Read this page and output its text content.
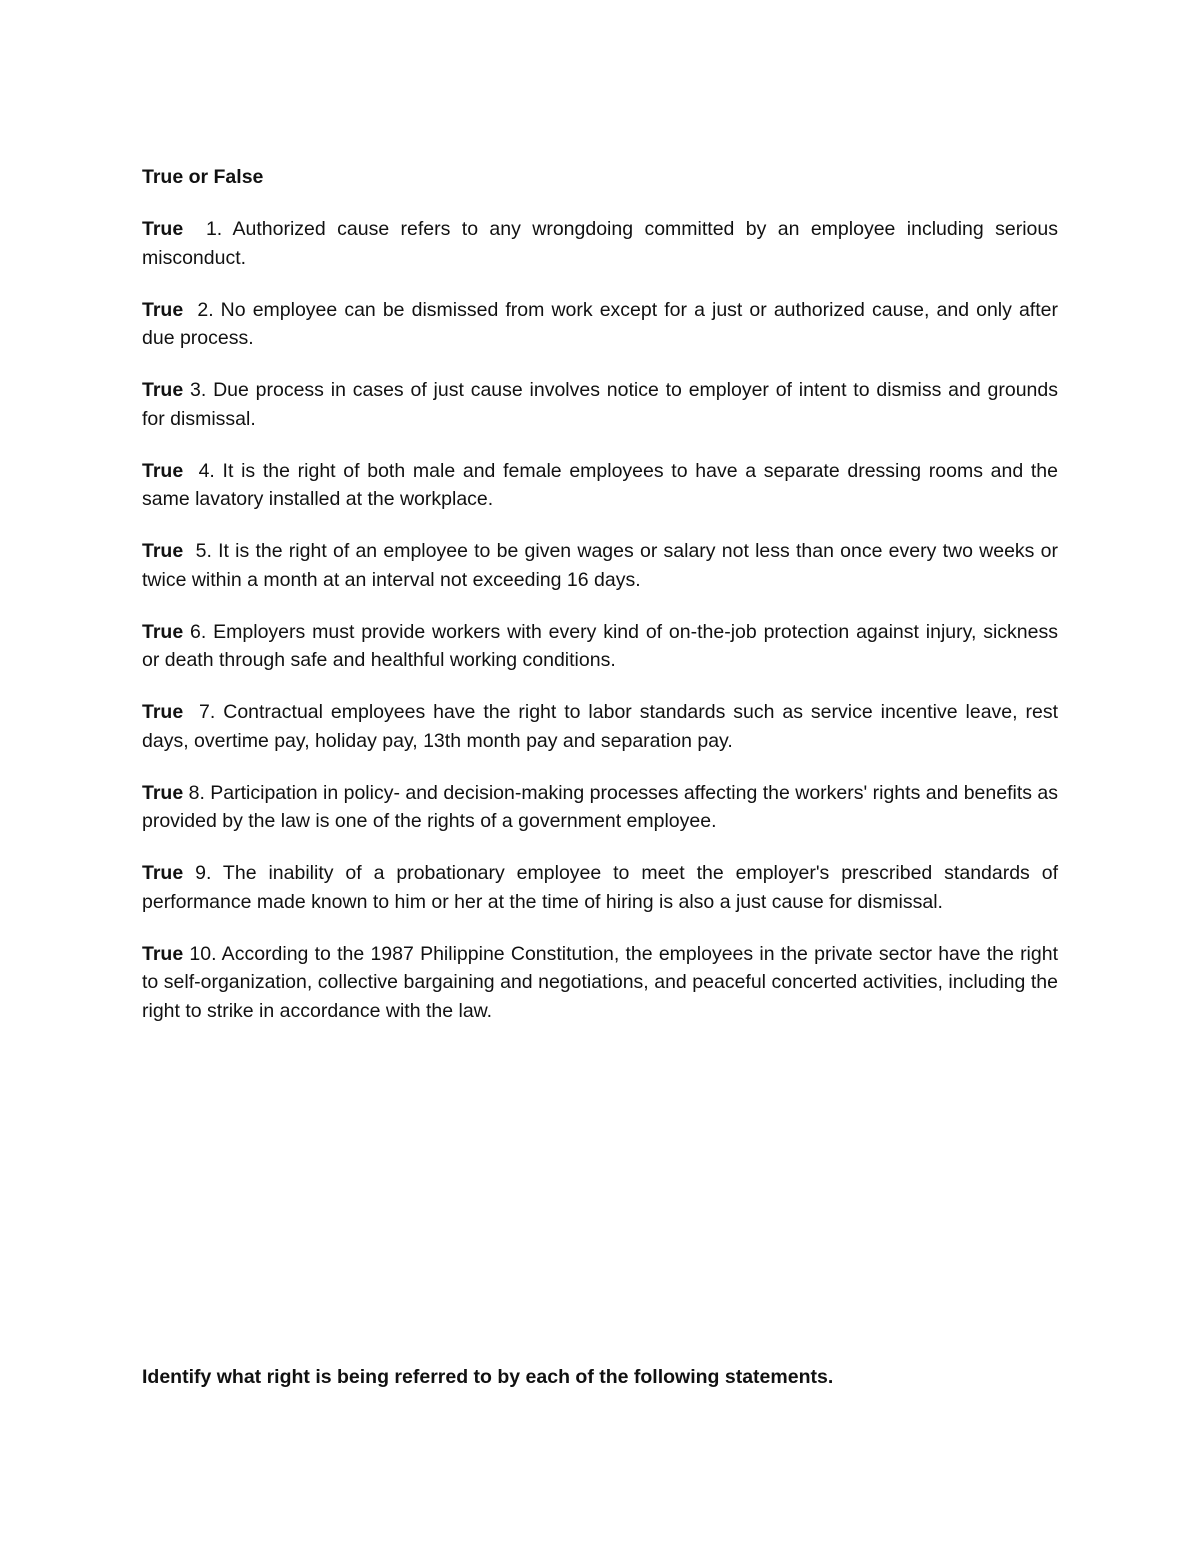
True or False

True  1. Authorized cause refers to any wrongdoing committed by an employee including serious misconduct.

True  2. No employee can be dismissed from work except for a just or authorized cause, and only after due process.

True 3. Due process in cases of just cause involves notice to employer of intent to dismiss and grounds for dismissal.

True  4. It is the right of both male and female employees to have a separate dressing rooms and the same lavatory installed at the workplace.

True  5. It is the right of an employee to be given wages or salary not less than once every two weeks or twice within a month at an interval not exceeding 16 days.

True 6. Employers must provide workers with every kind of on-the-job protection against injury, sickness or death through safe and healthful working conditions.

True  7. Contractual employees have the right to labor standards such as service incentive leave, rest days, overtime pay, holiday pay, 13th month pay and separation pay.

True 8. Participation in policy- and decision-making processes affecting the workers' rights and benefits as provided by the law is one of the rights of a government employee.

True 9. The inability of a probationary employee to meet the employer's prescribed standards of performance made known to him or her at the time of hiring is also a just cause for dismissal.

True 10. According to the 1987 Philippine Constitution, the employees in the private sector have the right to self-organization, collective bargaining and negotiations, and peaceful concerted activities, including the right to strike in accordance with the law.

Identify what right is being referred to by each of the following statements.
